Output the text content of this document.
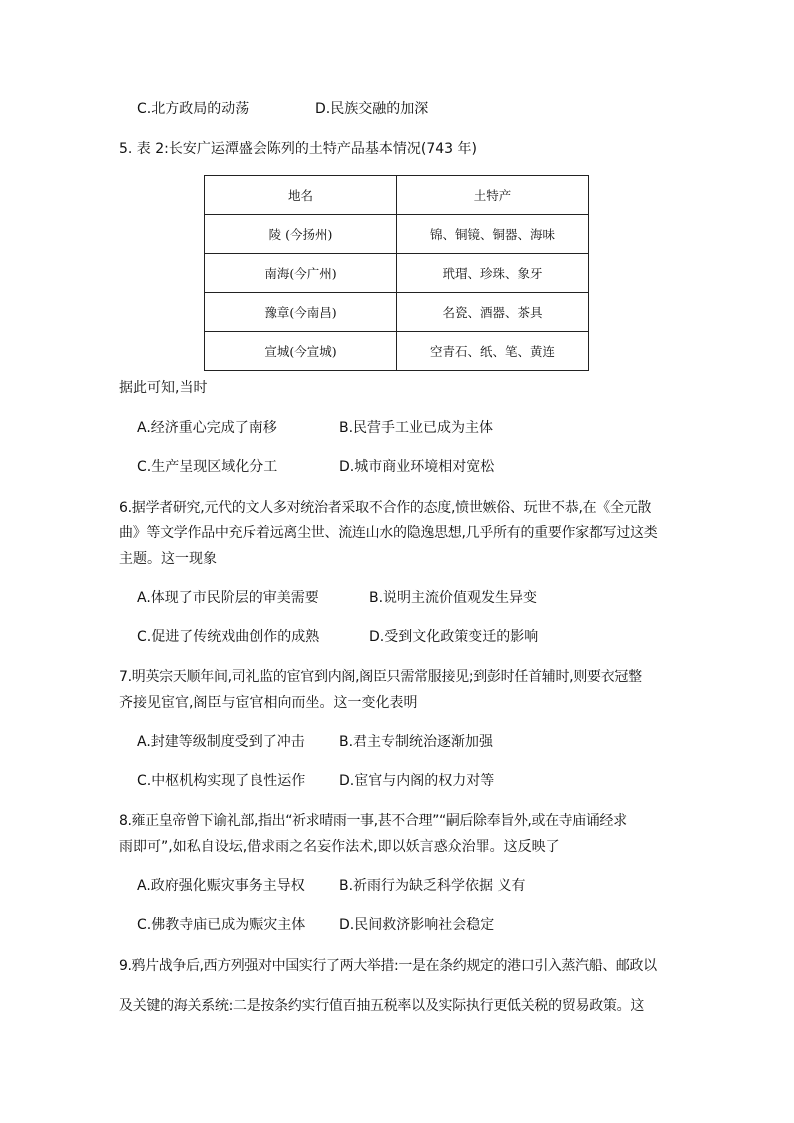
C.北方政局的动荡	D.民族交融的加深
5. 表 2:长安广运潭盛会陈列的土特产品基本情况(743 年)
地名	土特产
陵 (今扬州)	锦、铜镜、铜器、海味
南海(今广州)	玳瑁、珍珠、象牙
豫章(今南昌)	名瓷、酒器、茶具
宣城(今宣城)	空青石、纸、笔、黄连
据此可知,当时
A.经济重心完成了南移	B.民营手工业已成为主体
C.生产呈现区域化分工	D.城市商业环境相对宽松
6.据学者研究,元代的文人多对统治者采取不合作的态度,愤世嫉俗、玩世不恭,在《全元散
曲》等文学作品中充斥着远离尘世、流连山水的隐逸思想,几乎所有的重要作家都写过这类
主题。这一现象
A.体现了市民阶层的审美需要	B.说明主流价值观发生异变
C.促进了传统戏曲创作的成熟	D.受到文化政策变迁的影响
7.明英宗天顺年间,司礼监的宦官到内阁,阁臣只需常服接见;到彭时任首辅时,则要衣冠整
齐接见宦官,阁臣与宦官相向而坐。这一变化表明
A.封建等级制度受到了冲击 B.君主专制统治逐渐加强
C.中枢机构实现了良性运作 D.宦官与内阁的权力对等
8.雍正皇帝曾下谕礼部,指出“祈求晴雨一事,甚不合理”“嗣后除奉旨外,或在寺庙诵经求
雨即可”,如私自设坛,借求雨之名妄作法术,即以妖言惑众治罪。这反映了
A.政府强化赈灾事务主导权 B.祈雨行为缺乏科学依据 义有
C.佛教寺庙已成为赈灾主体 D.民间救济影响社会稳定
9.鸦片战争后,西方列强对中国实行了两大举措:一是在条约规定的港口引入蒸汽船、邮政以
及关键的海关系统:二是按条约实行值百抽五税率以及实际执行更低关税的贸易政策。这
